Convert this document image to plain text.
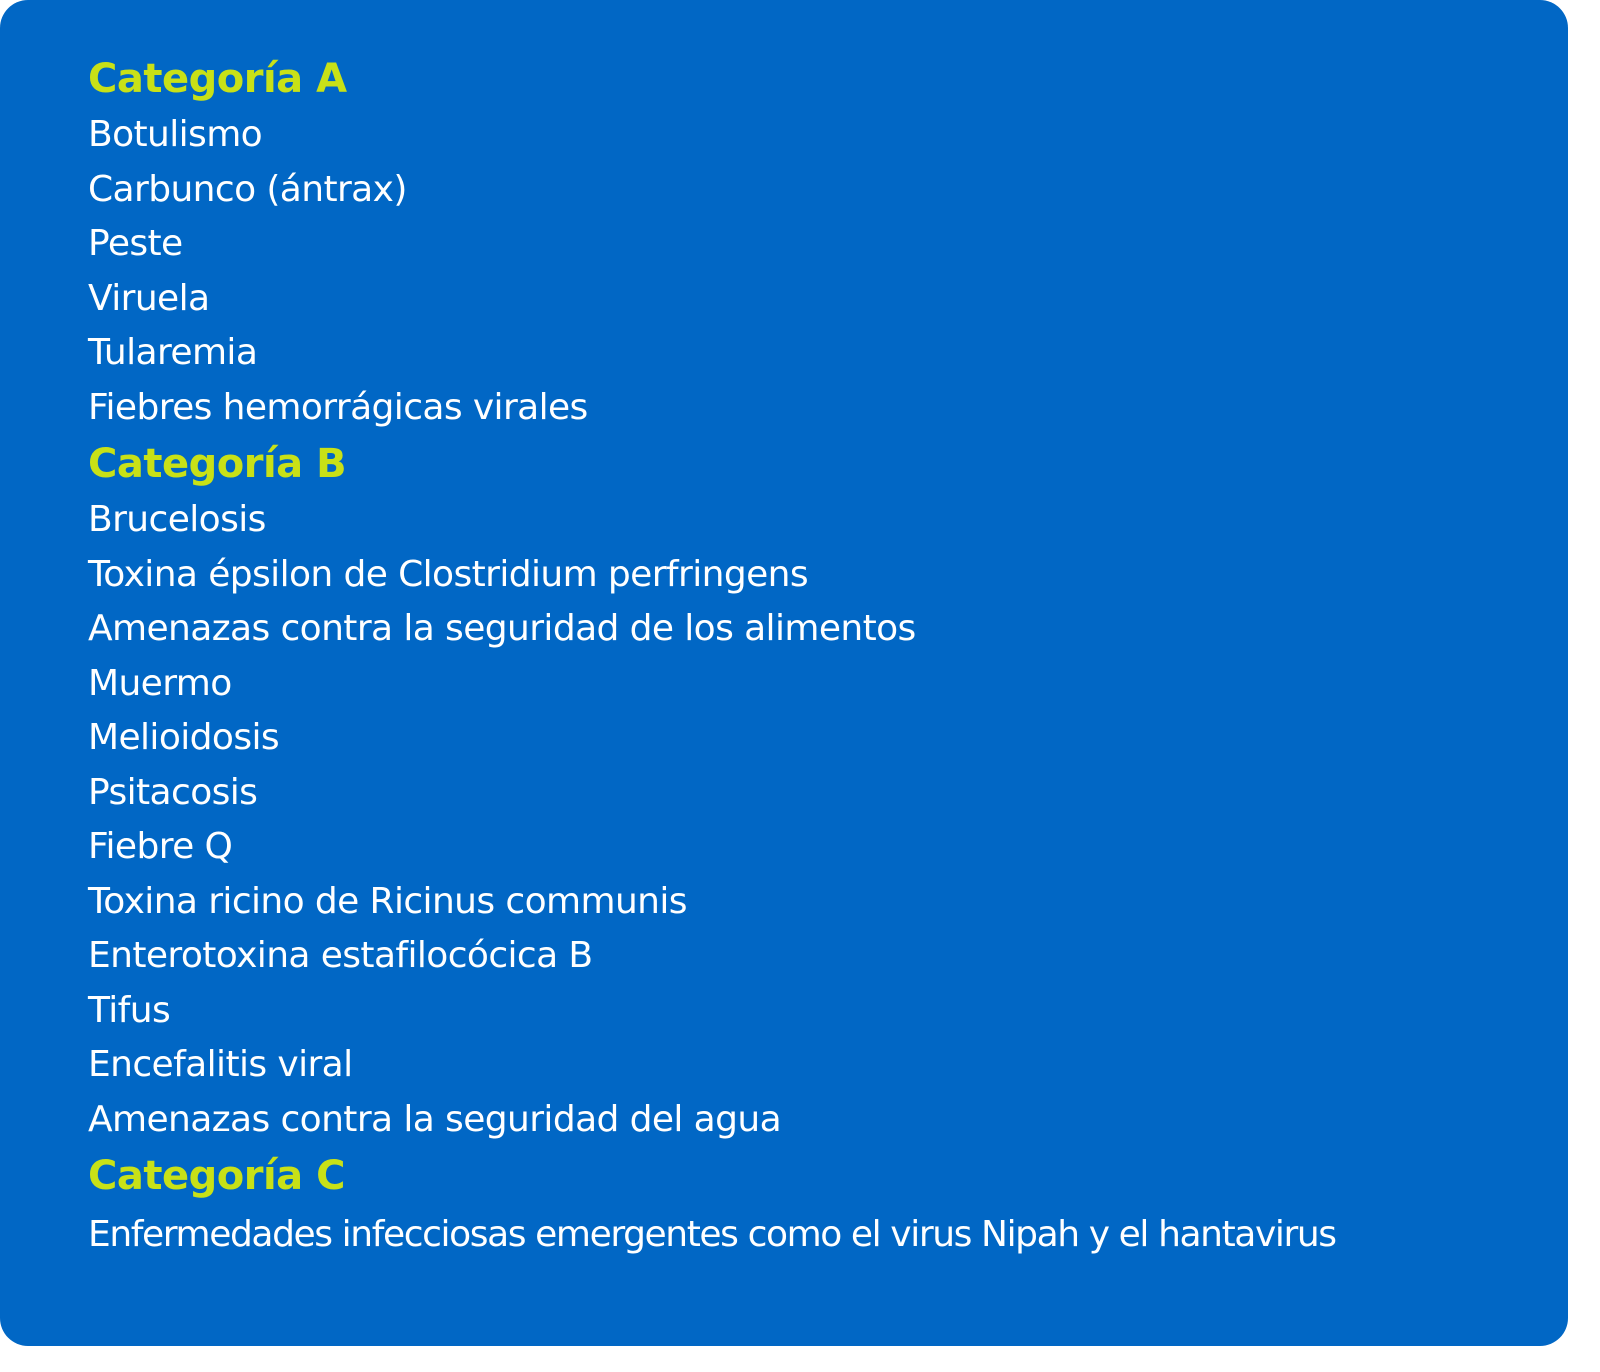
Categoría A
Botulismo
Carbunco (ántrax)
Peste
Viruela
Tularemia
Fiebres hemorrágicas virales
Categoría B
Brucelosis
Toxina épsilon de Clostridium perfringens
Amenazas contra la seguridad de los alimentos
Muermo
Melioidosis
Psitacosis
Fiebre Q
Toxina ricino de Ricinus communis
Enterotoxina estafilocócica B
Tifus
Encefalitis viral
Amenazas contra la seguridad del agua
Categoría C
Enfermedades infecciosas emergentes como el virus Nipah y el hantavirus
